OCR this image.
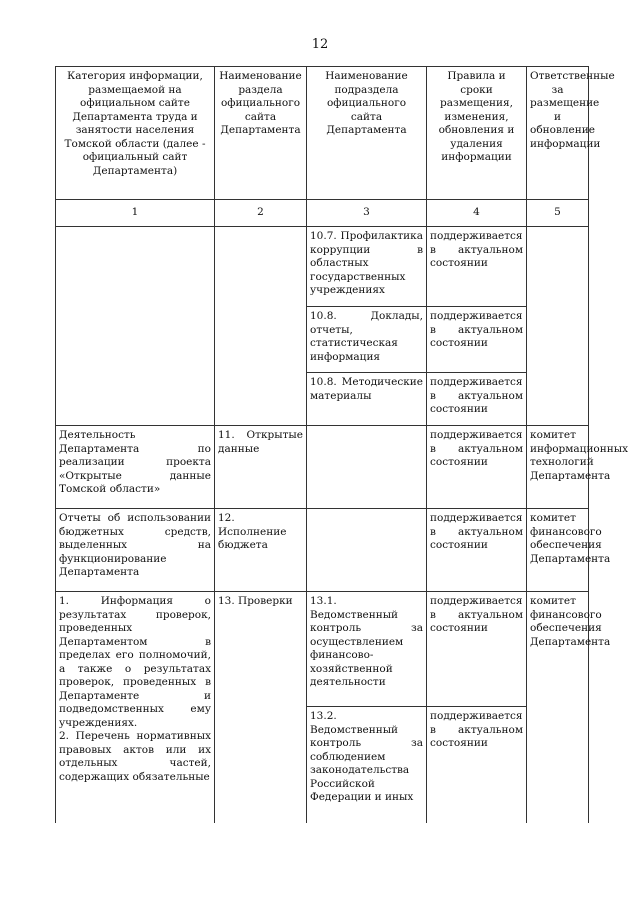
12
Категория информации, размещаемой на официальном сайте Департамента труда и занятости населения Томской области (далее - официальный сайт Департамента)	Наименование раздела официального сайта Департамента	Наименование подраздела официального сайта Департамента	Правила и сроки размещения, изменения, обновления и удаления информации	Ответственные за размещение и обновление информации
1	2	3	4	5
		10.7. Профилактика коррупции в областных государственных учреждениях	поддерживается в актуальном состоянии	
		10.8. Доклады, отчеты, статистическая информация	поддерживается в актуальном состоянии	
		10.8. Методические материалы	поддерживается в актуальном состоянии	
Деятельность Департамента по реализации проекта «Открытые данные Томской области»	11. Открытые данные		поддерживается в актуальном состоянии	комитет информационных технологий Департамента
Отчеты об использовании бюджетных средств, выделенных на функционирование Департамента	12. Исполнение бюджета		поддерживается в актуальном состоянии	комитет финансового обеспечения Департамента
1. Информация о результатах проверок, проведенных Департаментом в пределах его полномочий, а также о результатах проверок, проведенных в Департаменте и подведомственных ему учреждениях.
2. Перечень нормативных правовых актов или их отдельных частей, содержащих обязательные	13. Проверки	13.1. Ведомственный контроль за осуществлением финансово-хозяйственной деятельности	поддерживается в актуальном состоянии	комитет финансового обеспечения Департамента
		13.2. Ведомственный контроль за соблюдением законодательства Российской Федерации и иных	поддерживается в актуальном состоянии	
